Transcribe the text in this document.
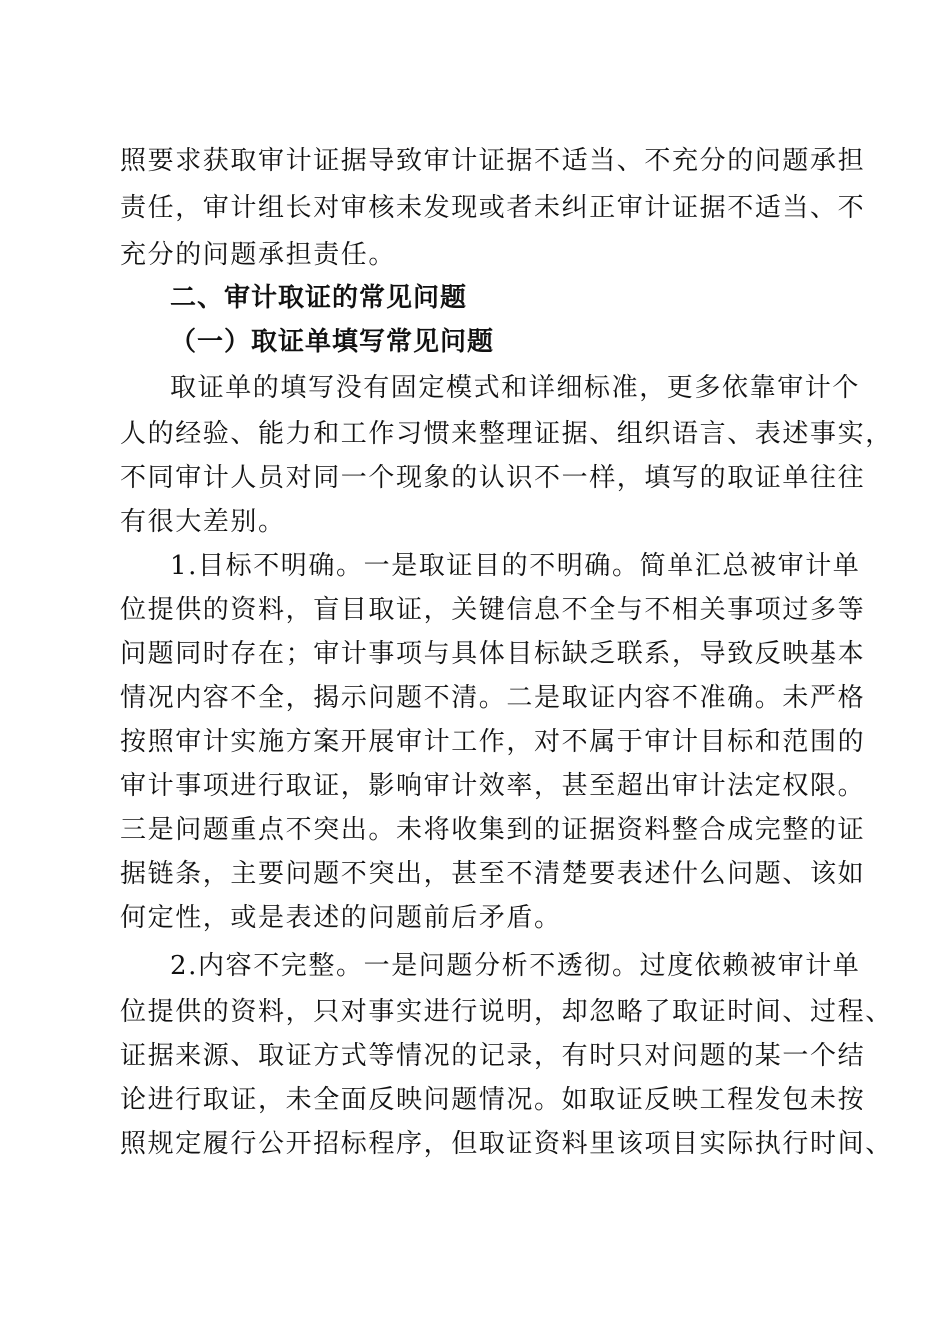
照要求获取审计证据导致审计证据不适当、不充分的问题承担
责任，审计组长对审核未发现或者未纠正审计证据不适当、不
充分的问题承担责任。
二、审计取证的常见问题
（一）取证单填写常见问题
取证单的填写没有固定模式和详细标准，更多依靠审计个
人的经验、能力和工作习惯来整理证据、组织语言、表述事实，
不同审计人员对同一个现象的认识不一样，填写的取证单往往
有很大差别。
1.目标不明确。一是取证目的不明确。简单汇总被审计单
位提供的资料，盲目取证，关键信息不全与不相关事项过多等
问题同时存在；审计事项与具体目标缺乏联系，导致反映基本
情况内容不全，揭示问题不清。二是取证内容不准确。未严格
按照审计实施方案开展审计工作，对不属于审计目标和范围的
审计事项进行取证，影响审计效率，甚至超出审计法定权限。
三是问题重点不突出。未将收集到的证据资料整合成完整的证
据链条，主要问题不突出，甚至不清楚要表述什么问题、该如
何定性，或是表述的问题前后矛盾。
2.内容不完整。一是问题分析不透彻。过度依赖被审计单
位提供的资料，只对事实进行说明，却忽略了取证时间、过程、
证据来源、取证方式等情况的记录，有时只对问题的某一个结
论进行取证，未全面反映问题情况。如取证反映工程发包未按
照规定履行公开招标程序，但取证资料里该项目实际执行时间、
